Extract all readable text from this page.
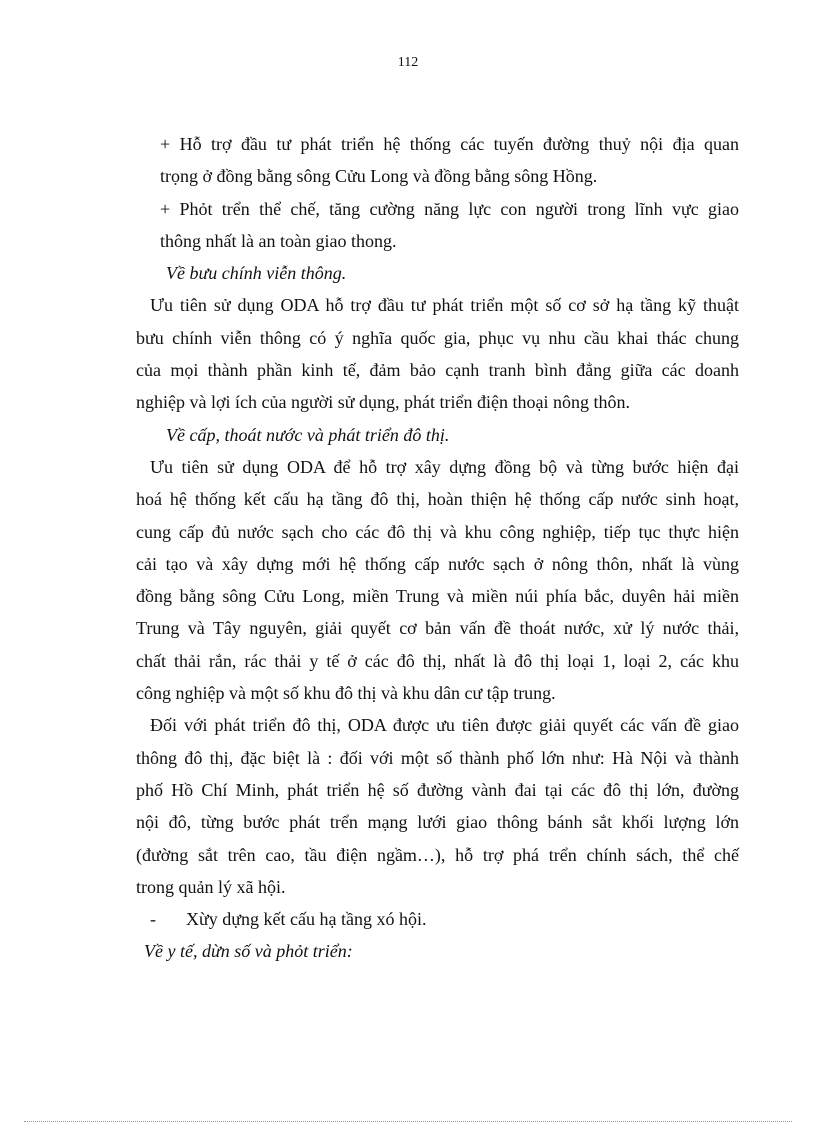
112
+ Hỗ trợ đầu tư phát triển hệ thống các tuyến đường thuỷ nội địa quan
trọng ở đồng bằng sông Cửu Long và đồng bằng sông Hồng.
+ Phỏt trển thể chế, tăng cường năng lực con người trong lĩnh vực giao
thông nhất là an toàn giao thong.
Về bưu chính viễn thông.
Ưu tiên sử dụng ODA hỗ trợ đầu tư phát triển một số cơ sở hạ tầng kỹ thuật
bưu chính viễn thông có ý nghĩa quốc gia, phục vụ nhu cầu khai thác chung
của mọi thành phần kinh tế, đảm bảo cạnh tranh bình đẳng giữa các doanh
nghiệp và lợi ích của người sử dụng, phát triển điện thoại nông thôn.
Về cấp, thoát nước và phát triển đô thị.
Ưu tiên sử dụng ODA để hỗ trợ xây dựng đồng bộ và từng bước hiện đại
hoá hệ thống kết cấu hạ tầng đô thị, hoàn thiện hệ thống cấp nước sinh hoạt,
cung cấp đủ nước sạch cho các đô thị và khu công nghiệp, tiếp tục thực hiện
cải tạo và xây dựng mới hệ thống cấp nước sạch ở nông thôn, nhất là vùng
đồng bằng sông Cửu Long, miền Trung và miền núi phía bắc, duyên hải miền
Trung và Tây nguyên, giải quyết cơ bản vấn đề thoát nước, xử lý nước thải,
chất thải rắn, rác thải y tế ở các đô thị, nhất là đô thị loại 1, loại 2, các khu
công nghiệp và một số khu đô thị và khu dân cư tập trung.
Đối với phát triển đô thị, ODA được ưu tiên được giải quyết các vấn đề giao
thông đô thị, đặc biệt là : đối với một số thành phố lớn như: Hà Nội và thành
phố Hồ Chí Minh, phát triển hệ số đường vành đai tại các đô thị lớn, đường
nội đô, từng bước phát trển mạng lưới giao thông bánh sắt khối lượng lớn
(đường sắt trên cao, tầu điện ngầm…), hỗ trợ phá trển chính sách, thể chế
trong quản lý xã hội.
- Xừy dựng kết cấu hạ tầng xó hội.
Về y tế, dừn số và phỏt triển:
